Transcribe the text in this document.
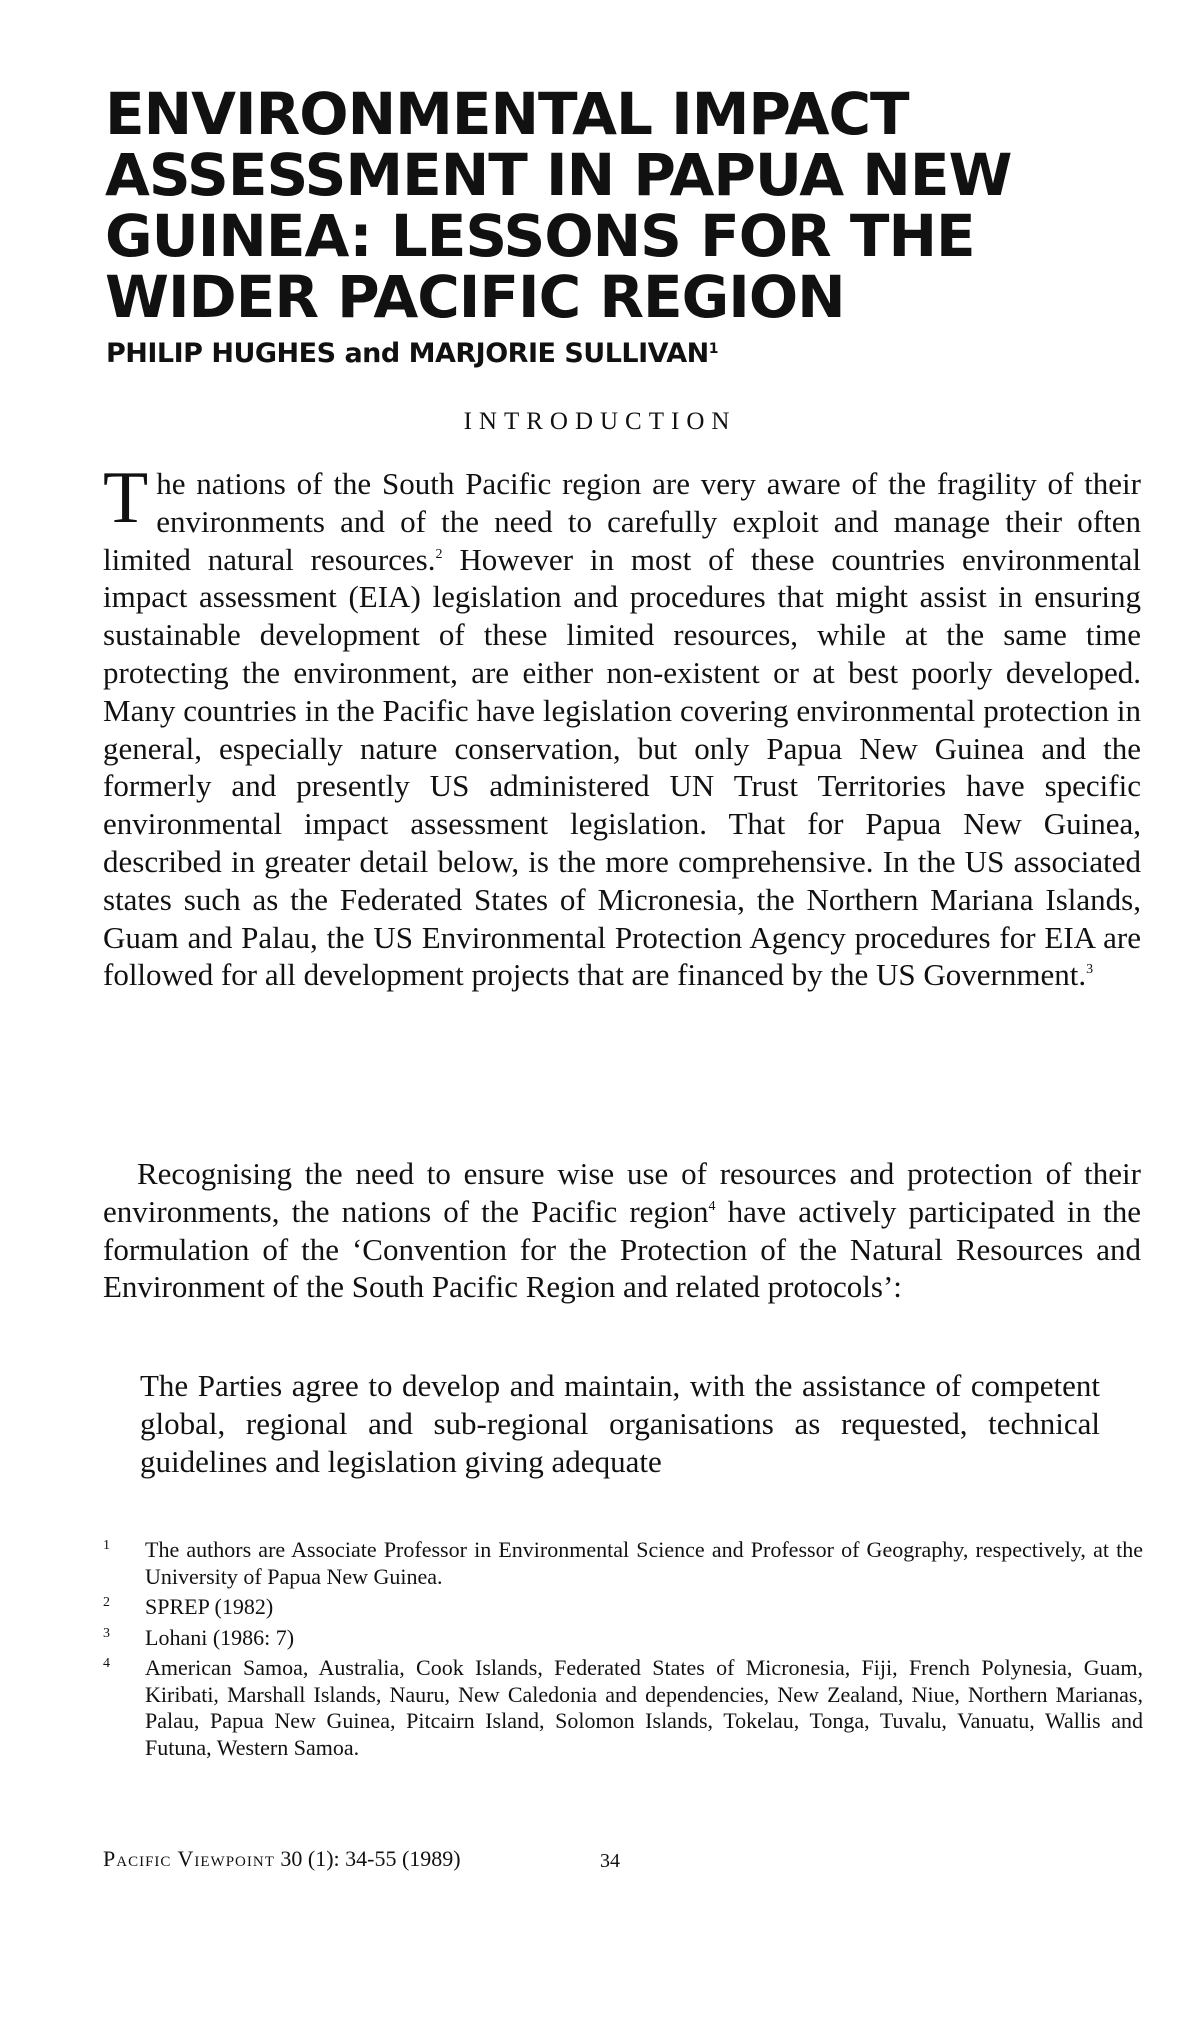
ENVIRONMENTAL IMPACT ASSESSMENT IN PAPUA NEW GUINEA: LESSONS FOR THE WIDER PACIFIC REGION
PHILIP HUGHES and MARJORIE SULLIVAN$^1$
INTRODUCTION

The nations of the South Pacific region are very aware of the fragility of their environments and of the need to carefully exploit and manage their often limited natural resources.$^2$ However in most of these countries environmental impact assessment (EIA) legislation and procedures that might assist in ensuring sustainable development of these limited resources, while at the same time protecting the environment, are either non-existent or at best poorly developed. Many countries in the Pacific have legislation covering environmental protection in general, especially nature conservation, but only Papua New Guinea and the formerly and presently US administered UN Trust Territories have specific environmental impact assessment legislation. That for Papua New Guinea, described in greater detail below, is the more comprehensive. In the US associated states such as the Federated States of Micronesia, the Northern Mariana Islands, Guam and Palau, the US Environmental Protection Agency procedures for EIA are followed for all development projects that are financed by the US Government.$^3$

Recognising the need to ensure wise use of resources and protection of their environments, the nations of the Pacific region$^4$ have actively participated in the formulation of the ‘Convention for the Protection of the Natural Resources and Environment of the South Pacific Region and related protocols’:

The Parties agree to develop and maintain, with the assistance of competent global, regional and sub-regional organisations as requested, technical guidelines and legislation giving adequate

1 The authors are Associate Professor in Environmental Science and Professor of Geography, respectively, at the University of Papua New Guinea.
2 SPREP (1982)
3 Lohani (1986: 7)
4 American Samoa, Australia, Cook Islands, Federated States of Micronesia, Fiji, French Polynesia, Guam, Kiribati, Marshall Islands, Nauru, New Caledonia and dependencies, New Zealand, Niue, Northern Marianas, Palau, Papua New Guinea, Pitcairn Island, Solomon Islands, Tokelau, Tonga, Tuvalu, Vanuatu, Wallis and Futuna, Western Samoa.
Pacific Viewpoint 30 (1): 34-55 (1989)	34
